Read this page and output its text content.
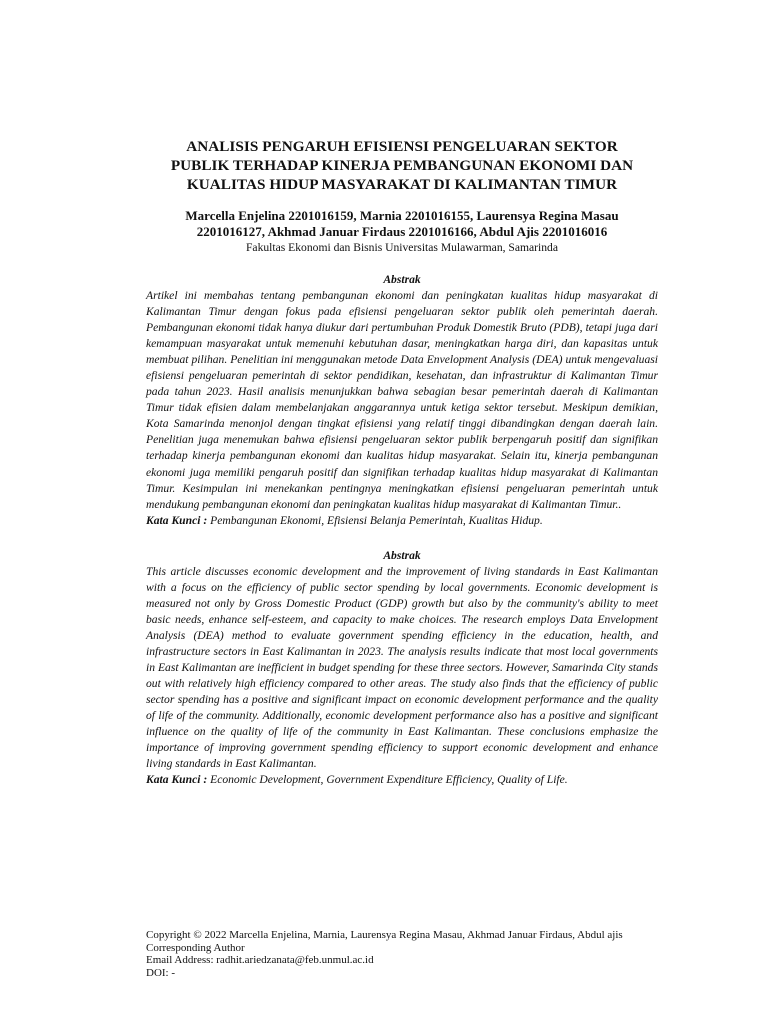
ANALISIS PENGARUH EFISIENSI PENGELUARAN SEKTOR
PUBLIK TERHADAP KINERJA PEMBANGUNAN EKONOMI DAN
KUALITAS HIDUP MASYARAKAT DI KALIMANTAN TIMUR
Marcella Enjelina 2201016159, Marnia 2201016155, Laurensya Regina Masau
2201016127, Akhmad Januar Firdaus 2201016166, Abdul Ajis 2201016016
Fakultas Ekonomi dan Bisnis Universitas Mulawarman, Samarinda
Abstrak
Artikel ini membahas tentang pembangunan ekonomi dan peningkatan kualitas hidup masyarakat di Kalimantan Timur dengan fokus pada efisiensi pengeluaran sektor publik oleh pemerintah daerah. Pembangunan ekonomi tidak hanya diukur dari pertumbuhan Produk Domestik Bruto (PDB), tetapi juga dari kemampuan masyarakat untuk memenuhi kebutuhan dasar, meningkatkan harga diri, dan kapasitas untuk membuat pilihan. Penelitian ini menggunakan metode Data Envelopment Analysis (DEA) untuk mengevaluasi efisiensi pengeluaran pemerintah di sektor pendidikan, kesehatan, dan infrastruktur di Kalimantan Timur pada tahun 2023. Hasil analisis menunjukkan bahwa sebagian besar pemerintah daerah di Kalimantan Timur tidak efisien dalam membelanjakan anggarannya untuk ketiga sektor tersebut. Meskipun demikian, Kota Samarinda menonjol dengan tingkat efisiensi yang relatif tinggi dibandingkan dengan daerah lain. Penelitian juga menemukan bahwa efisiensi pengeluaran sektor publik berpengaruh positif dan signifikan terhadap kinerja pembangunan ekonomi dan kualitas hidup masyarakat. Selain itu, kinerja pembangunan ekonomi juga memiliki pengaruh positif dan signifikan terhadap kualitas hidup masyarakat di Kalimantan Timur. Kesimpulan ini menekankan pentingnya meningkatkan efisiensi pengeluaran pemerintah untuk mendukung pembangunan ekonomi dan peningkatan kualitas hidup masyarakat di Kalimantan Timur..
Kata Kunci : Pembangunan Ekonomi, Efisiensi Belanja Pemerintah, Kualitas Hidup.
Abstrak
This article discusses economic development and the improvement of living standards in East Kalimantan with a focus on the efficiency of public sector spending by local governments. Economic development is measured not only by Gross Domestic Product (GDP) growth but also by the community's ability to meet basic needs, enhance self-esteem, and capacity to make choices. The research employs Data Envelopment Analysis (DEA) method to evaluate government spending efficiency in the education, health, and infrastructure sectors in East Kalimantan in 2023. The analysis results indicate that most local governments in East Kalimantan are inefficient in budget spending for these three sectors. However, Samarinda City stands out with relatively high efficiency compared to other areas. The study also finds that the efficiency of public sector spending has a positive and significant impact on economic development performance and the quality of life of the community. Additionally, economic development performance also has a positive and significant influence on the quality of life of the community in East Kalimantan. These conclusions emphasize the importance of improving government spending efficiency to support economic development and enhance living standards in East Kalimantan.
Kata Kunci : Economic Development, Government Expenditure Efficiency, Quality of Life.
Copyright © 2022 Marcella Enjelina, Marnia, Laurensya Regina Masau, Akhmad Januar Firdaus, Abdul ajis
Corresponding Author
Email Address: radhit.ariedzanata@feb.unmul.ac.id
DOI: -
